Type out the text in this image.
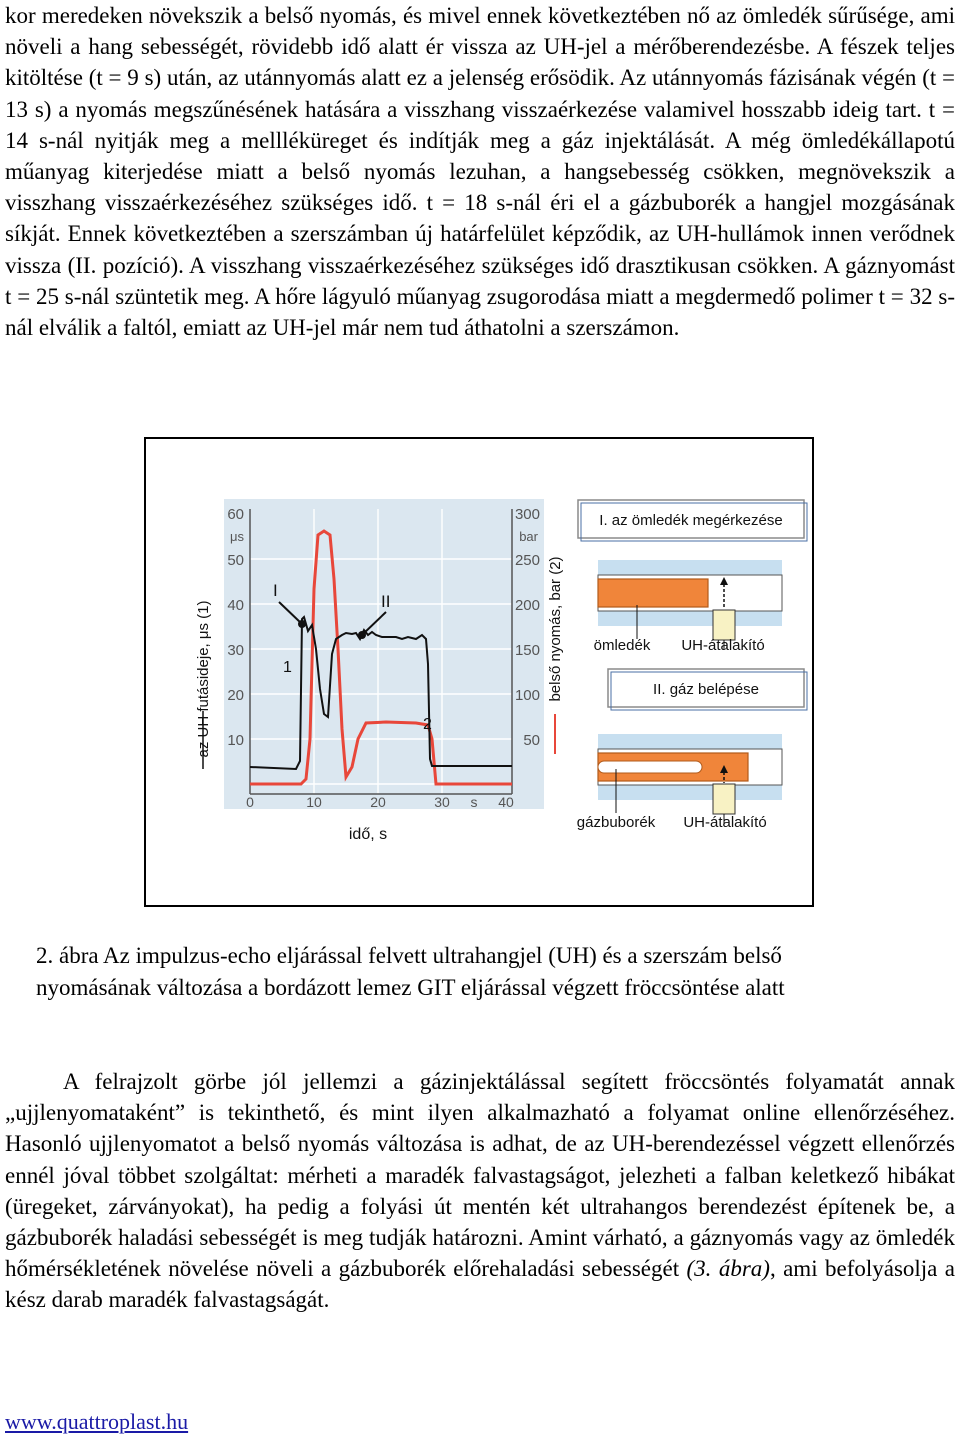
kor meredeken növekszik a belső nyomás, és mivel ennek következtében nő az ömledék sűrűsége, ami növeli a hang sebességét, rövidebb idő alatt ér vissza az UH-jel a mérőberendezésbe. A fészek teljes kitöltése (t = 9 s) után, az utánnyomás alatt ez a jelenség erősödik. Az utánnyomás fázisának végén (t = 13 s) a nyomás megszűnésének hatására a visszhang visszaérkezése valamivel hosszabb ideig tart. t = 14 s-nál nyitják meg a mellléküreget és indítják meg a gáz injektálását. A még ömledékállapotú műanyag kiterjedése miatt a belső nyomás lezuhan, a hangsebesség csökken, megnövekszik a visszhang visszaérkezéséhez szükséges idő. t = 18 s-nál éri el a gázbuborék a hangjel mozgásának síkját. Ennek következtében a szerszámban új határfelület képződik, az UH-hullámok innen verődnek vissza (II. pozíció). A visszhang visszaérkezéséhez szükséges idő drasztikusan csökken. A gáznyomást t = 25 s-nál szüntetik meg. A hőre lágyuló műanyag zsugorodása miatt a megdermedő polimer t = 32 s-nál elválik a faltól, emiatt az UH-jel már nem tud áthatolni a szerszámon.

60
μs
50
40
30
20
10
300
bar
250
200
150
100
50
0	10	20	30 s 40
I
II
1
2
az UH futásideje, μs (1)	belső nyomás, bar (2)
idő, s
I. az ömledék megérkezése
ömledék UH-átalakító
II. gáz belépése
gázbuborék UH-átalakító
2. ábra Az impulzus-echo eljárással felvett ultrahangjel (UH) és a szerszám belső
nyomásának változása a bordázott lemez GIT eljárással végzett fröccsöntése alatt

A felrajzolt görbe jól jellemzi a gázinjektálással segített fröccsöntés folyamatát annak „ujjlenyomataként” is tekinthető, és mint ilyen alkalmazható a folyamat online ellenőrzéséhez. Hasonló ujjlenyomatot a belső nyomás változása is adhat, de az UH-berendezéssel végzett ellenőrzés ennél jóval többet szolgáltat: mérheti a maradék falvastagságot, jelezheti a falban keletkező hibákat (üregeket, zárványokat), ha pedig a folyási út mentén két ultrahangos berendezést építenek be, a gázbuborék haladási sebességét is meg tudják határozni. Amint várható, a gáznyomás vagy az ömledék hőmérsékletének növelése növeli a gázbuborék előrehaladási sebességét (3. ábra), ami befolyásolja a kész darab maradék falvastagságát.

www.quattroplast.hu
